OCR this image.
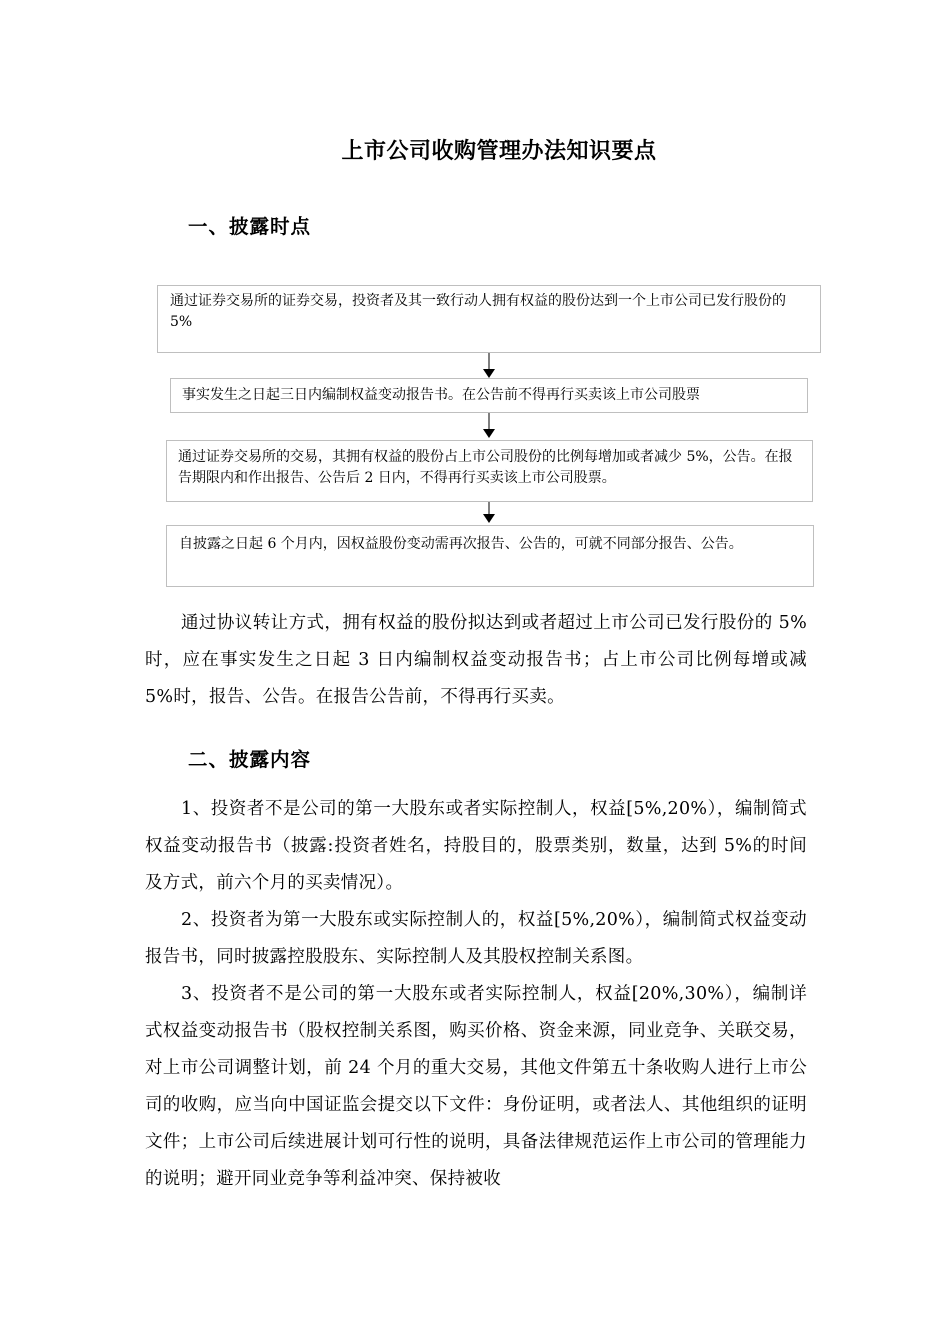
上市公司收购管理办法知识要点
一、披露时点
通过证券交易所的证券交易，投资者及其一致行动人拥有权益的股份达到一个上市公司已发行股份的 5%
事实发生之日起三日内编制权益变动报告书。在公告前不得再行买卖该上市公司股票
通过证券交易所的交易，其拥有权益的股份占上市公司股份的比例每增加或者减少 5%，公告。在报告期限内和作出报告、公告后 2 日内，不得再行买卖该上市公司股票。
自披露之日起 6 个月内，因权益股份变动需再次报告、公告的，可就不同部分报告、公告。
通过协议转让方式，拥有权益的股份拟达到或者超过上市公司已发行股份的 5%时，应在事实发生之日起 3 日内编制权益变动报告书；占上市公司比例每增或减 5%时，报告、公告。在报告公告前，不得再行买卖。
二、披露内容
1、投资者不是公司的第一大股东或者实际控制人，权益[5%,20%），编制简式权益变动报告书（披露:投资者姓名，持股目的，股票类别，数量，达到 5%的时间及方式，前六个月的买卖情况）。
2、投资者为第一大股东或实际控制人的，权益[5%,20%），编制简式权益变动报告书，同时披露控股股东、实际控制人及其股权控制关系图。
3、投资者不是公司的第一大股东或者实际控制人，权益[20%,30%），编制详式权益变动报告书（股权控制关系图，购买价格、资金来源，同业竞争、关联交易，对上市公司调整计划，前 24 个月的重大交易，其他文件第五十条收购人进行上市公司的收购，应当向中国证监会提交以下文件：身份证明，或者法人、其他组织的证明文件；上市公司后续进展计划可行性的说明，具备法律规范运作上市公司的管理能力的说明；避开同业竞争等利益冲突、保持被收
